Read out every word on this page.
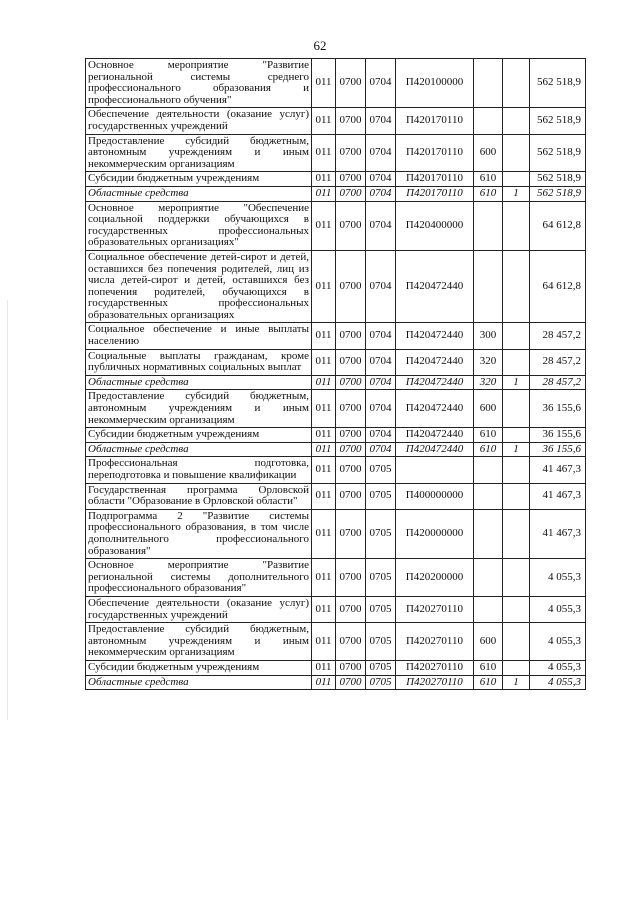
62
Основное мероприятие "Развитие региональной системы среднего профессионального образования и профессионального обучения"	011	0700	0704	П420100000			562 518,9
Обеспечение деятельности (оказание услуг) государственных учреждений	011	0700	0704	П420170110			562 518,9
Предоставление субсидий бюджетным, автономным учреждениям и иным некоммерческим организациям	011	0700	0704	П420170110	600		562 518,9
Субсидии бюджетным учреждениям	011	0700	0704	П420170110	610		562 518,9
Областные средства	011	0700	0704	П420170110	610	1	562 518,9
Основное мероприятие "Обеспечение социальной поддержки обучающихся в государственных профессиональных образовательных организациях"	011	0700	0704	П420400000			64 612,8
Социальное обеспечение детей-сирот и детей, оставшихся без попечения родителей, лиц из числа детей-сирот и детей, оставшихся без попечения родителей, обучающихся в государственных профессиональных образовательных организациях	011	0700	0704	П420472440			64 612,8
Социальное обеспечение и иные выплаты населению	011	0700	0704	П420472440	300		28 457,2
Социальные выплаты гражданам, кроме публичных нормативных социальных выплат	011	0700	0704	П420472440	320		28 457,2
Областные средства	011	0700	0704	П420472440	320	1	28 457,2
Предоставление субсидий бюджетным, автономным учреждениям и иным некоммерческим организациям	011	0700	0704	П420472440	600		36 155,6
Субсидии бюджетным учреждениям	011	0700	0704	П420472440	610		36 155,6
Областные средства	011	0700	0704	П420472440	610	1	36 155,6
Профессиональная подготовка, переподготовка и повышение квалификации	011	0700	0705				41 467,3
Государственная программа Орловской области "Образование в Орловской области"	011	0700	0705	П400000000			41 467,3
Подпрограмма 2 "Развитие системы профессионального образования, в том числе дополнительного профессионального образования"	011	0700	0705	П420000000			41 467,3
Основное мероприятие "Развитие региональной системы дополнительного профессионального образования"	011	0700	0705	П420200000			4 055,3
Обеспечение деятельности (оказание услуг) государственных учреждений	011	0700	0705	П420270110			4 055,3
Предоставление субсидий бюджетным, автономным учреждениям и иным некоммерческим организациям	011	0700	0705	П420270110	600		4 055,3
Субсидии бюджетным учреждениям	011	0700	0705	П420270110	610		4 055,3
Областные средства	011	0700	0705	П420270110	610	1	4 055,3
